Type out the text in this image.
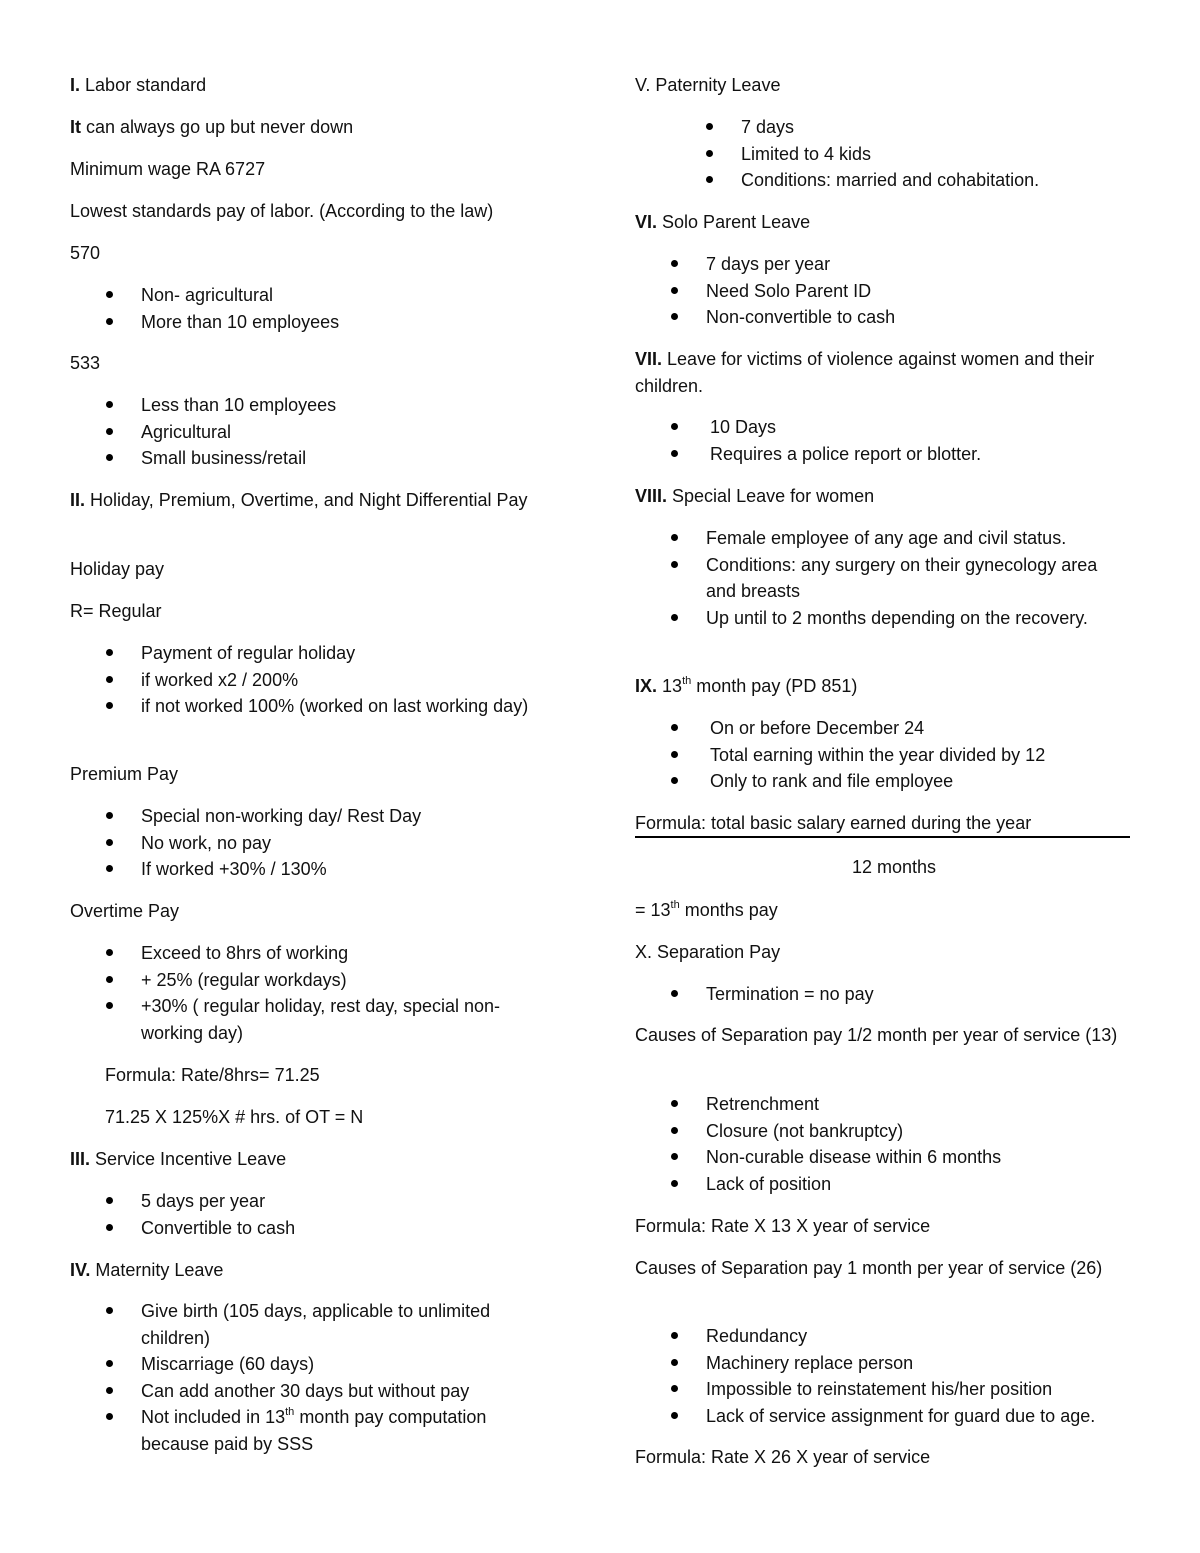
I. Labor standard
It can always go up but never down
Minimum wage RA 6727
Lowest standards pay of labor. (According to the law)
570
Non- agricultural
More than 10 employees
533
Less than 10 employees
Agricultural
Small business/retail
II. Holiday, Premium, Overtime, and Night Differential Pay
Holiday pay
R= Regular
Payment of regular holiday
if worked x2 / 200%
if not worked 100% (worked on last working day)
Premium Pay
Special non-working day/ Rest Day
No work, no pay
If worked +30% / 130%
Overtime Pay
Exceed to 8hrs of working
+ 25% (regular workdays)
+30% ( regular holiday, rest day, special non-working day)
Formula: Rate/8hrs= 71.25
71.25 X 125%X # hrs. of OT = N
III. Service Incentive Leave
5 days per year
Convertible to cash
IV. Maternity Leave
Give birth (105 days, applicable to unlimited children)
Miscarriage (60 days)
Can add another 30 days but without pay
Not included in 13th month pay computation because paid by SSS
V. Paternity Leave
7 days
Limited to 4 kids
Conditions: married and cohabitation.
VI. Solo Parent Leave
7 days per year
Need Solo Parent ID
Non-convertible to cash
VII. Leave for victims of violence against women and their children.
10 Days
Requires a police report or blotter.
VIII. Special Leave for women
Female employee of any age and civil status.
Conditions: any surgery on their gynecology area and breasts
Up until to 2 months depending on the recovery.
IX. 13th month pay (PD 851)
On or before December 24
Total earning within the year divided by 12
Only to rank and file employee
Formula: total basic salary earned during the year
12 months
= 13th months pay
X. Separation Pay
Termination = no pay
Causes of Separation pay 1/2 month per year of service (13)
Retrenchment
Closure (not bankruptcy)
Non-curable disease within 6 months
Lack of position
Formula: Rate X 13 X year of service
Causes of Separation pay 1 month per year of service (26)
Redundancy
Machinery replace person
Impossible to reinstatement his/her position
Lack of service assignment for guard due to age.
Formula: Rate X 26 X year of service
